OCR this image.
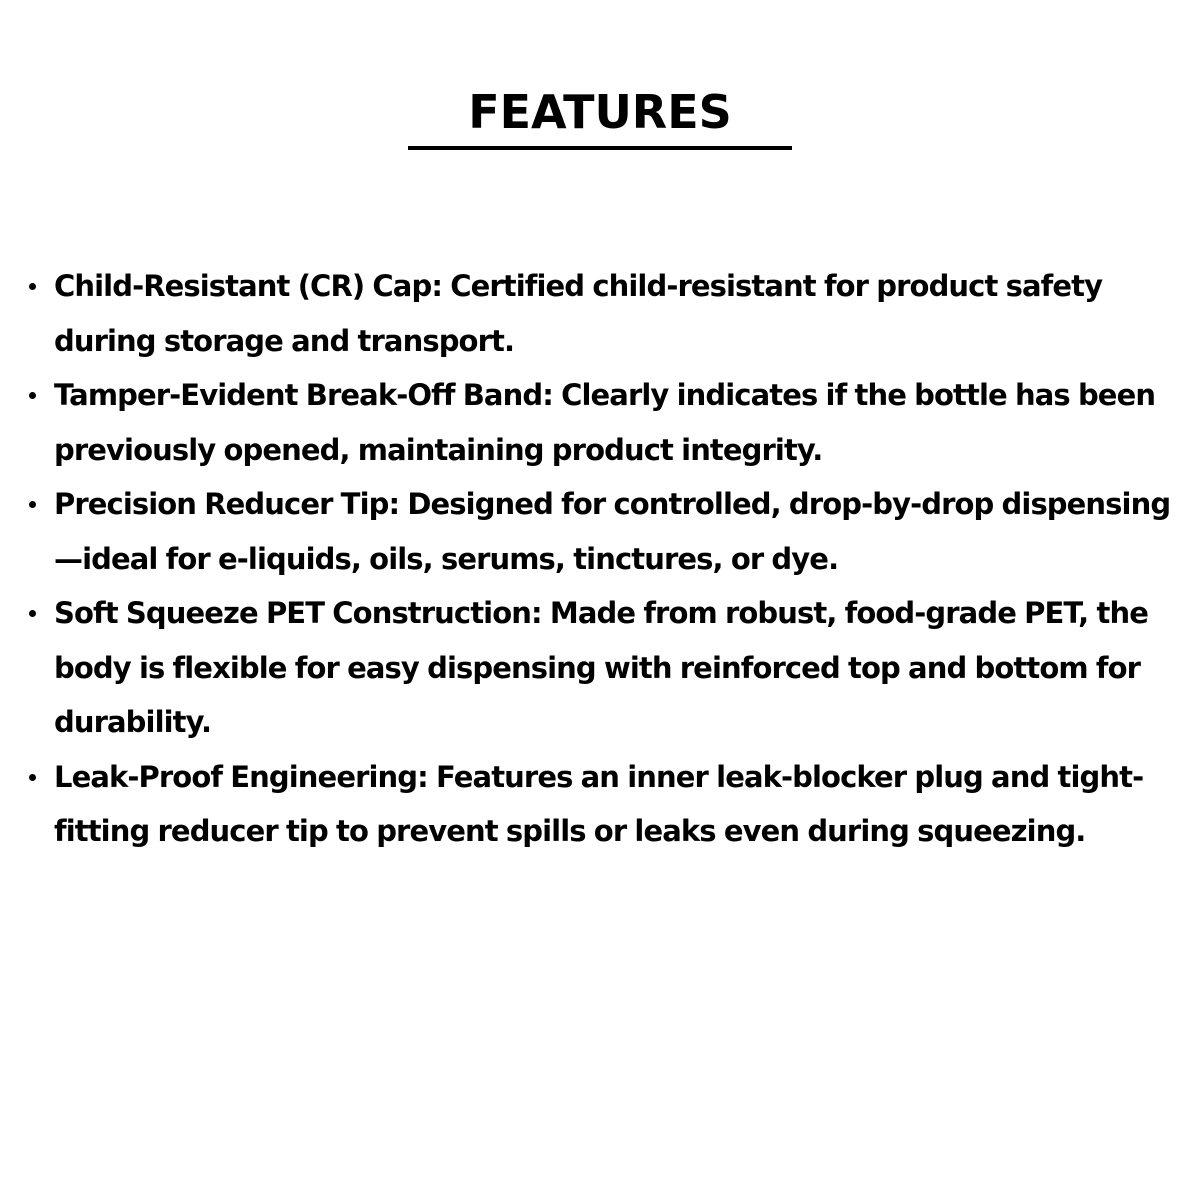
FEATURES
Child-Resistant (CR) Cap: Certified child-resistant for product safety during storage and transport.
Tamper-Evident Break-Off Band: Clearly indicates if the bottle has been previously opened, maintaining product integrity.
Precision Reducer Tip: Designed for controlled, drop-by-drop dispensing—ideal for e-liquids, oils, serums, tinctures, or dye.
Soft Squeeze PET Construction: Made from robust, food-grade PET, the body is flexible for easy dispensing with reinforced top and bottom for durability.
Leak-Proof Engineering: Features an inner leak-blocker plug and tight-fitting reducer tip to prevent spills or leaks even during squeezing.
